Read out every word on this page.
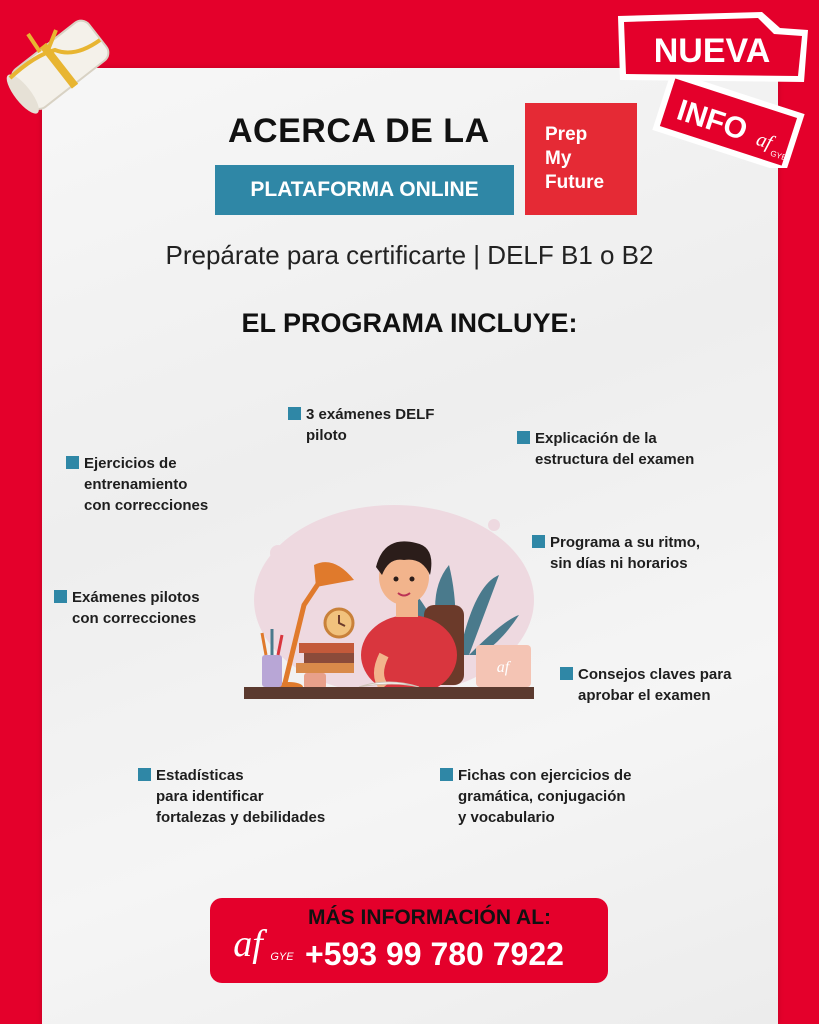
NUEVA
INFO af
GYE
ACERCA DE LA
PLATAFORMA ONLINE
Prep
My
Future
Prepárate para certificarte | DELF B1 o B2
EL PROGRAMA INCLUYE:
3 exámenes DELF
piloto	Explicación de la
estructura del examen
Ejercicios de
entrenamiento
con correcciones
Programa a su ritmo,
sin días ni horarios
Exámenes pilotos
con correcciones
Consejos claves para
aprobar el examen
Estadísticas
para identificar
fortalezas y debilidades
Fichas con ejercicios de
gramática, conjugación
y vocabulario
af
af GYE
MÁS INFORMACIÓN AL:
+593 99 780 7922
